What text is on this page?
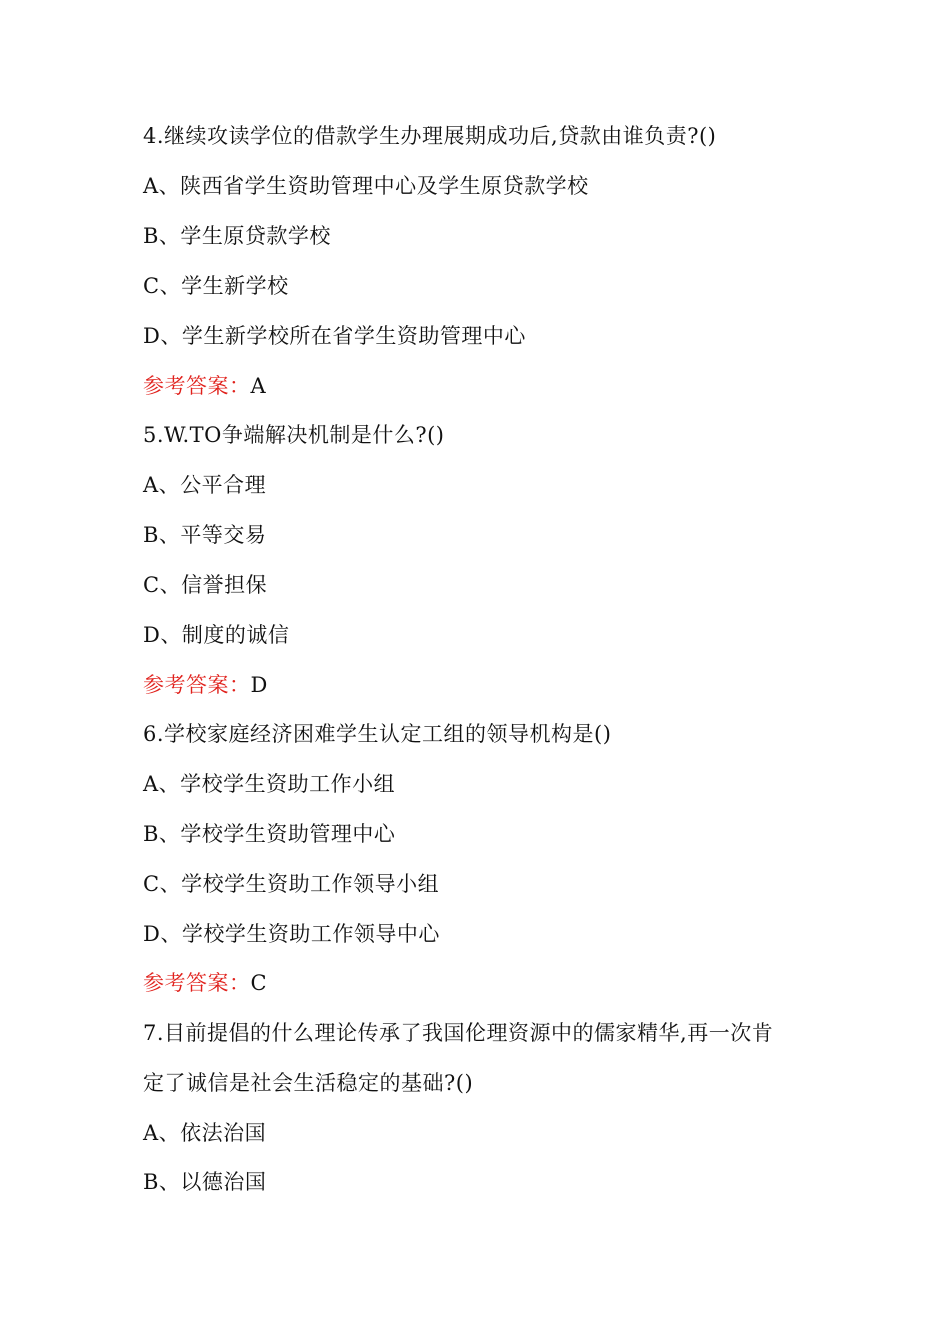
4.继续攻读学位的借款学生办理展期成功后,贷款由谁负责?()
A、陕西省学生资助管理中心及学生原贷款学校
B、学生原贷款学校
C、学生新学校
D、学生新学校所在省学生资助管理中心
参考答案：A
5.W.TO争端解决机制是什么?()
A、公平合理
B、平等交易
C、信誉担保
D、制度的诚信
参考答案：D
6.学校家庭经济困难学生认定工组的领导机构是()
A、学校学生资助工作小组
B、学校学生资助管理中心
C、学校学生资助工作领导小组
D、学校学生资助工作领导中心
参考答案：C
7.目前提倡的什么理论传承了我国伦理资源中的儒家精华,再一次肯
定了诚信是社会生活稳定的基础?()
A、依法治国
B、以德治国
